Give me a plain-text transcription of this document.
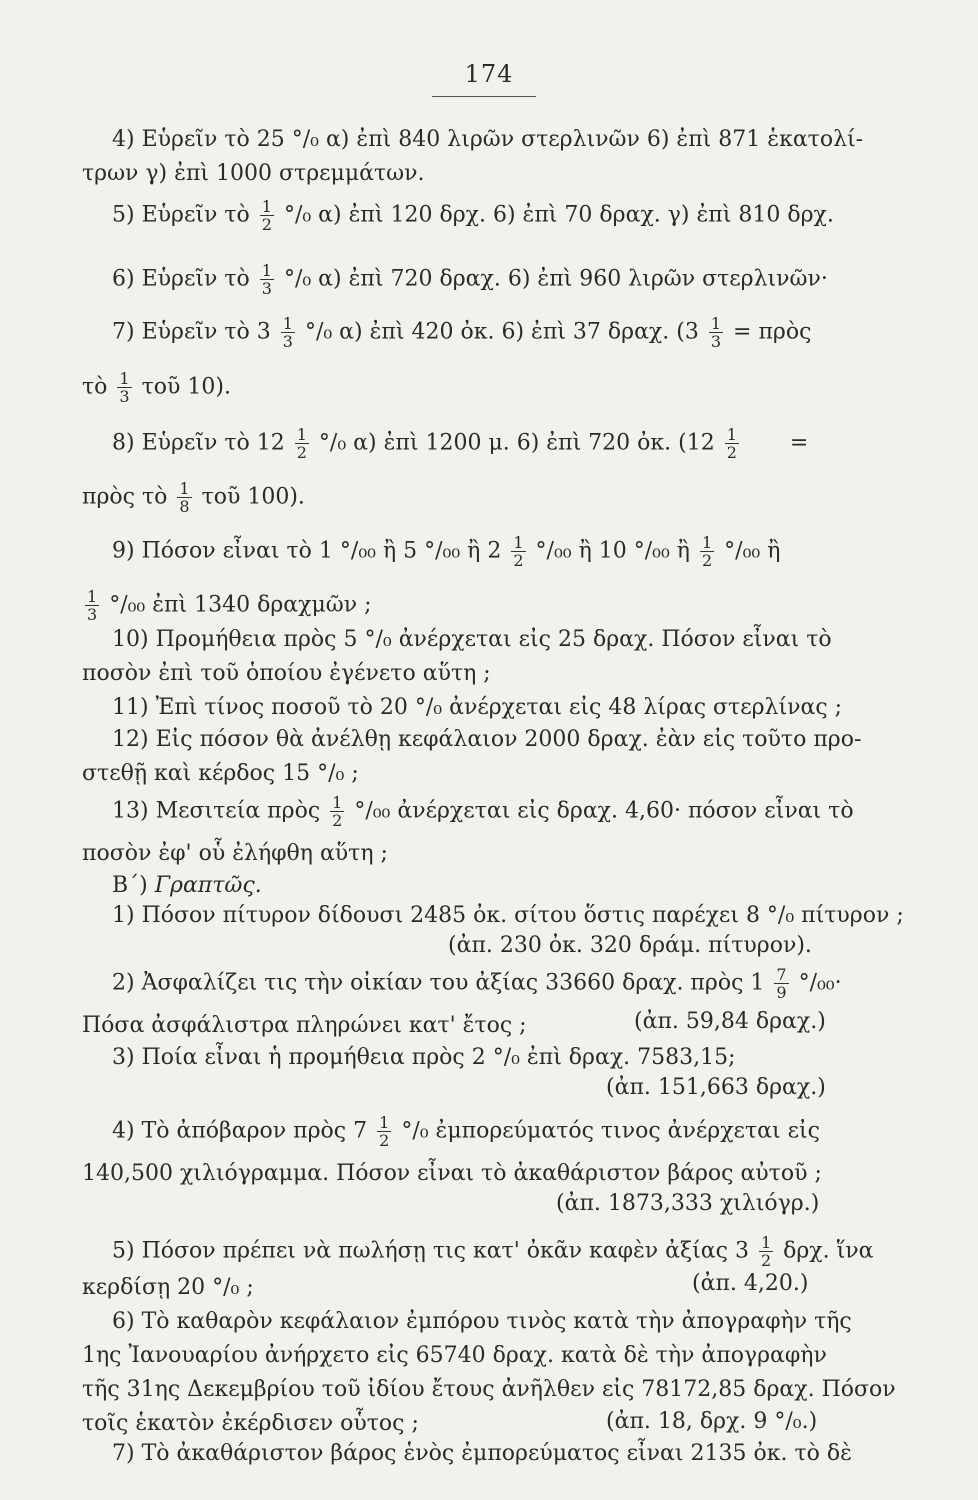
174
4) Εὑρεῖν τὸ 25 °/₀ α) ἐπὶ 840 λιρῶν στερλινῶν 6) ἐπὶ 871 ἑκατολί-
τρων γ) ἐπὶ 1000 στρεμμάτων.
5) Εὑρεῖν τὸ $\frac{1}{2} ^\circ/_0$ α) ἐπὶ 120 δρχ. 6) ἐπὶ 70 δραχ. γ) ἐπὶ 810 δρχ.
6) Εὑρεῖν τὸ $\frac{1}{3} ^\circ/_0$ α) ἐπὶ 720 δραχ. 6) ἐπὶ 960 λιρῶν στερλινῶν·
7) Εὑρεῖν τὸ $3 \frac{1}{3} ^\circ/_0$ α) ἐπὶ 420 ὀκ. 6) ἐπὶ 37 δραχ. ($3 \frac{1}{3}$ = πρὸς
τὸ $\frac{1}{3}$ τοῦ 10).
8) Εὑρεῖν τὸ $12 \frac{1}{2} ^\circ/_0$ α) ἐπὶ 1200 μ. 6) ἐπὶ 720 ὀκ. ($12 \frac{1}{2}$ =
πρὸς τὸ $\frac{1}{8}$ τοῦ 100).
9) Πόσον εἶναι τὸ 1 °/₀₀ ἢ 5 °/₀₀ ἢ $2 \frac{1}{2} ^\circ/_{00}$ ἢ 10 °/₀₀ ἢ $\frac{1}{2} ^\circ/_{00}$ ἢ
$\frac{1}{3} ^\circ/_{00}$ ἐπὶ 1340 δραχμῶν ;
10) Προμήθεια πρὸς 5 °/₀ ἀνέρχεται εἰς 25 δραχ. Πόσον εἶναι τὸ
ποσὸν ἐπὶ τοῦ ὁποίου ἐγένετο αὕτη ;
11) Ἐπὶ τίνος ποσοῦ τὸ 20 °/₀ ἀνέρχεται εἰς 48 λίρας στερλίνας ;
12) Εἰς πόσον θὰ ἀνέλθῃ κεφάλαιον 2000 δραχ. ἐὰν εἰς τοῦτο προ-
στεθῇ καὶ κέρδος 15 °/₀ ;
13) Μεσιτεία πρὸς $\frac{1}{2} ^\circ/_{00}$ ἀνέρχεται εἰς δραχ. 4,60· πόσον εἶναι τὸ
ποσὸν ἐφ' οὗ ἐλήφθη αὕτη ;
Β΄) Γραπτῶς.
1) Πόσον πίτυρον δίδουσι 2485 ὀκ. σίτου ὅστις παρέχει 8 °/₀ πίτυρον ;
(ἀπ. 230 ὀκ. 320 δράμ. πίτυρον).
2) Ἀσφαλίζει τις τὴν οἰκίαν του ἀξίας 33660 δραχ. πρὸς $1 \frac{7}{9} ^\circ/_{00}\cdot$
Πόσα ἀσφάλιστρα πληρώνει κατ' ἔτος ;	(ἀπ. 59,84 δραχ.)
3) Ποία εἶναι ἡ προμήθεια πρὸς 2 °/₀ ἐπὶ δραχ. 7583,15;
(ἀπ. 151,663 δραχ.)
4) Τὸ ἀπόβαρον πρὸς $7 \frac{1}{2} ^\circ/_0$ ἐμπορεύματός τινος ἀνέρχεται εἰς
140,500 χιλιόγραμμα. Πόσον εἶναι τὸ ἀκαθάριστον βάρος αὐτοῦ ;
(ἀπ. 1873,333 χιλιόγρ.)
5) Πόσον πρέπει νὰ πωλήσῃ τις κατ' ὀκᾶν καφὲν ἀξίας $3 \frac{1}{2} \delta\rho\chi$. ἵνα
κερδίσῃ 20 °/₀ ;	(ἀπ. 4,20.)
6) Τὸ καθαρὸν κεφάλαιον ἐμπόρου τινὸς κατὰ τὴν ἀπογραφὴν τῆς
1ης Ἰανουαρίου ἀνήρχετο εἰς 65740 δραχ. κατὰ δὲ τὴν ἀπογραφὴν
τῆς 31ης Δεκεμβρίου τοῦ ἰδίου ἔτους ἀνῆλθεν εἰς 78172,85 δραχ. Πόσον
τοῖς ἑκατὸν ἐκέρδισεν οὗτος ;	(ἀπ. 18, δρχ. 9 °/₀.)
7) Τὸ ἀκαθάριστον βάρος ἑνὸς ἐμπορεύματος εἶναι 2135 ὀκ. τὸ δὲ
